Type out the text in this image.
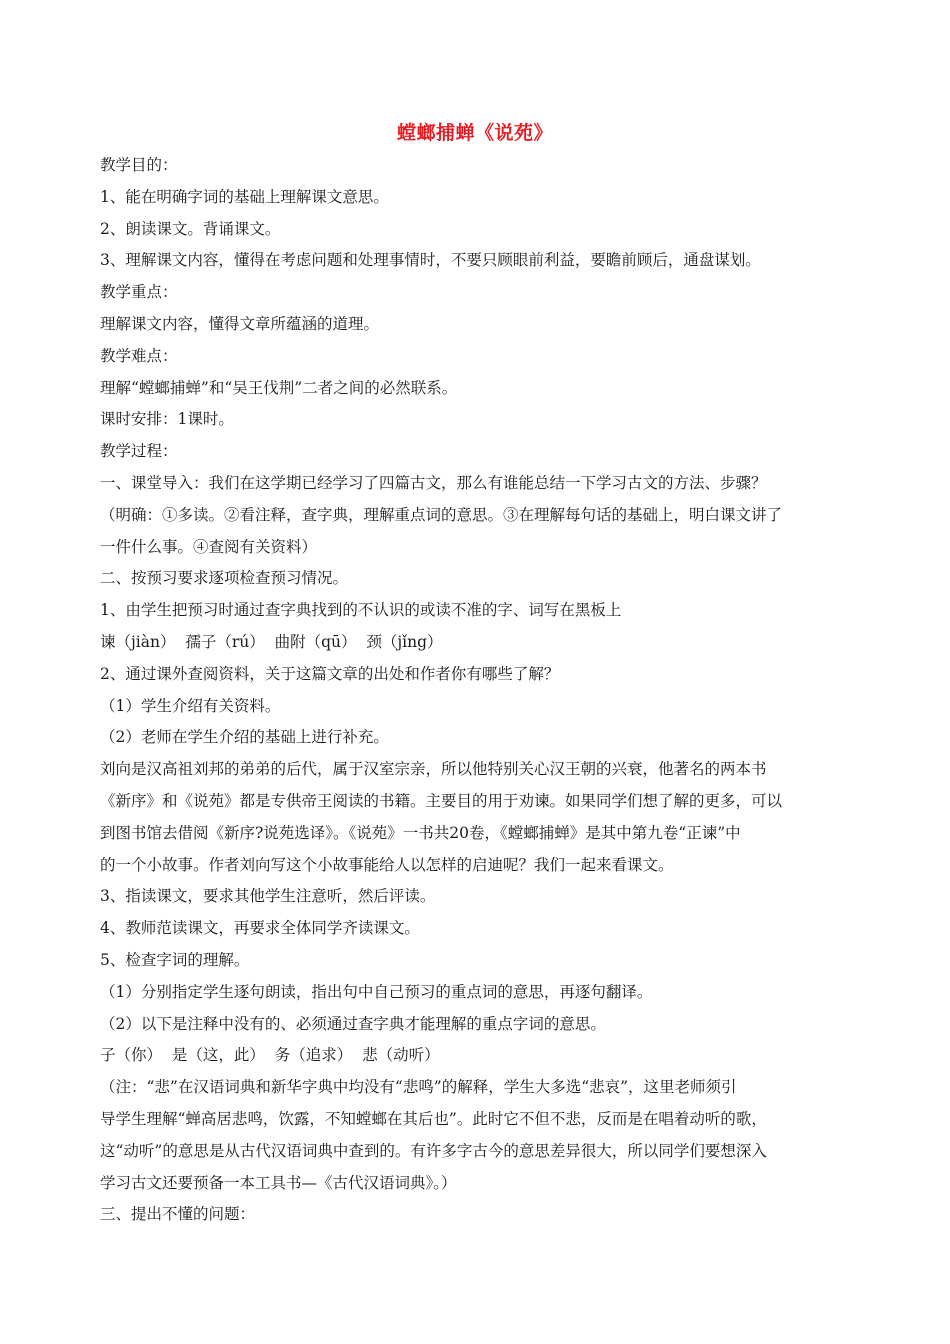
螳螂捕蝉《说苑》

教学目的：

1、能在明确字词的基础上理解课文意思。

2、朗读课文。背诵课文。

3、理解课文内容，懂得在考虑问题和处理事情时，不要只顾眼前利益，要瞻前顾后，通盘谋划。

教学重点：

理解课文内容，懂得文章所蕴涵的道理。

教学难点：

理解“螳螂捕蝉”和“吴王伐荆”二者之间的必然联系。

课时安排：1课时。

教学过程：

一、课堂导入：我们在这学期已经学习了四篇古文，那么有谁能总结一下学习古文的方法、步骤？

（明确：①多读。②看注释，查字典，理解重点词的意思。③在理解每句话的基础上，明白课文讲了

一件什么事。④查阅有关资料）

二、按预习要求逐项检查预习情况。

1、由学生把预习时通过查字典找到的不认识的或读不准的字、词写在黑板上

谏（jiàn）  孺子（rú）  曲附（qū）  颈（jǐng）

2、通过课外查阅资料，关于这篇文章的出处和作者你有哪些了解？

（1）学生介绍有关资料。

（2）老师在学生介绍的基础上进行补充。

刘向是汉高祖刘邦的弟弟的后代，属于汉室宗亲，所以他特别关心汉王朝的兴衰，他著名的两本书

《新序》和《说苑》都是专供帝王阅读的书籍。主要目的用于劝谏。如果同学们想了解的更多，可以

到图书馆去借阅《新序?说苑选译》。《说苑》一书共20卷，《螳螂捕蝉》是其中第九卷“正谏”中

的一个小故事。作者刘向写这个小故事能给人以怎样的启迪呢？我们一起来看课文。

3、指读课文，要求其他学生注意听，然后评读。

4、教师范读课文，再要求全体同学齐读课文。

5、检查字词的理解。

（1）分别指定学生逐句朗读，指出句中自己预习的重点词的意思，再逐句翻译。

（2）以下是注释中没有的、必须通过查字典才能理解的重点字词的意思。

子（你）  是（这，此）  务（追求）  悲（动听）

（注：“悲”在汉语词典和新华字典中均没有“悲鸣”的解释，学生大多选“悲哀”，这里老师须引

导学生理解“蝉高居悲鸣，饮露，不知螳螂在其后也”。此时它不但不悲，反而是在唱着动听的歌，

这“动听”的意思是从古代汉语词典中查到的。有许多字古今的意思差异很大，所以同学们要想深入

学习古文还要预备一本工具书—《古代汉语词典》。）

三、提出不懂的问题：
